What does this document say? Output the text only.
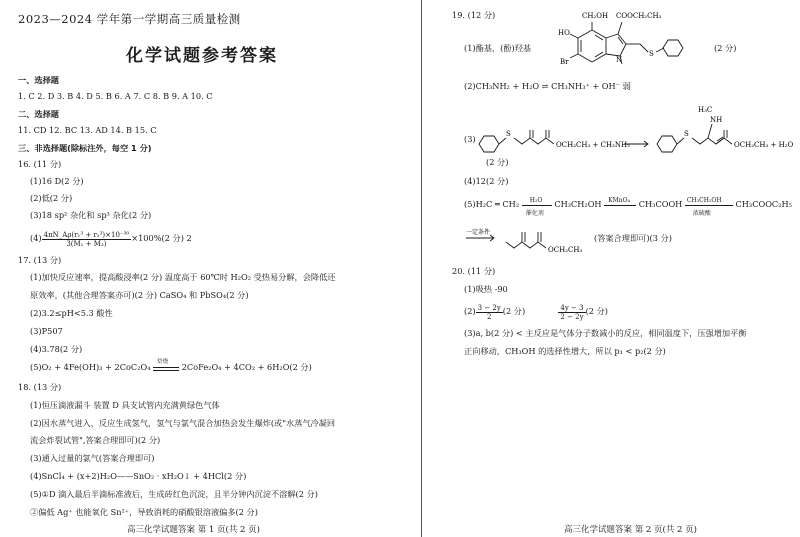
2023—2024 学年第一学期高三质量检测
化学试题参考答案
一、选择题
1. C 2. D 3. B 4. D 5. B 6. A 7. C 8. B 9. A 10. C
二、选择题
11. CD 12. BC 13. AD 14. B 15. C
三、非选择题(除标注外，每空 1 分)
16. (11 分)
(1)16 D(2 分)
(2)低(2 分)
(3)18 sp² 杂化和 sp³ 杂化(2 分)
$(4) \frac{\text{4πN\_Aρ(r₁³ + r₂³)×10⁻³⁰}}{\text{3(M₁ + M₂)}} \times 100\%(2$ 分) 2
17. (13 分)
(1)加快反应速率，提高酸浸率(2 分) 温度高于 60℃时 H₂O₂ 受热易分解，会降低还
原效率，(其他合理答案亦可)(2 分) CaSO₄ 和 PbSO₄(2 分)
(2)3.2≤pH<5.3 酸性
(3)P507
(4)3.78(2 分)
(5)O₂ + 4Fe(OH)₃ + 2CoC₂O₄
焙烧
2CoFe₂O₄ + 4CO₂ + 6H₂O(2 分)
18. (13 分)
(1)恒压滴液漏斗 装置 D 具支试管内充满黄绿色气体
(2)因水蒸气进入，反应生成氢气，氢气与氯气混合加热会发生爆炸(或"水蒸气冷凝回
流会炸裂试管",答案合理即可)(2 分)
(3)通入过量的氯气(答案合理即可)
(4)SnCl₄ + (x+2)H₂O——SnO₂ · xH₂O↓ + 4HCl(2 分)
(5)①D 滴入最后半滴标准液后，生成砖红色沉淀，且半分钟内沉淀不溶解(2 分)
②偏低 Ag⁺ 也能氧化 Sn²⁺，导致消耗的硝酸银溶液偏多(2 分)
高三化学试题答案 第 1 页(共 2 页)
19. (12 分)	CH₂OH COOCH₂CH₃
HO
Br	N
S
(1)酯基，(酚)羟基	(2 分)
(2)CH₃NH₂ + H₂O ⇌ CH₃NH₃⁺ + OH⁻ 弱
(3)	S
OCH₂CH₃ + CH₃NH₂
H₃C
NH
S
OCH₂CH₃ + H₂O
(2 分)
(4)12(2 分)
(5)H₂C ═ CH₂ H₂O
催化剂
CH₃CH₂OH KMnO₄ CH₃COOH CH₃CH₂OH
浓硫酸
CH₃COOC₂H₅
一定条件
OCH₂CH₃
(答案合理即可)(3 分)
20. (11 分)
(1)吸热 -90
$(2) \frac{3 - 2y}{2} (2$ 分)	$\frac{4y - 3}{2 - 2y} (2$ 分)
(3)a, b(2 分) < 主反应是气体分子数减小的反应，相同温度下，压强增加平衡
正向移动，CH₃OH 的选择性增大，所以 p₁ < p₂(2 分)
高三化学试题答案 第 2 页(共 2 页)
